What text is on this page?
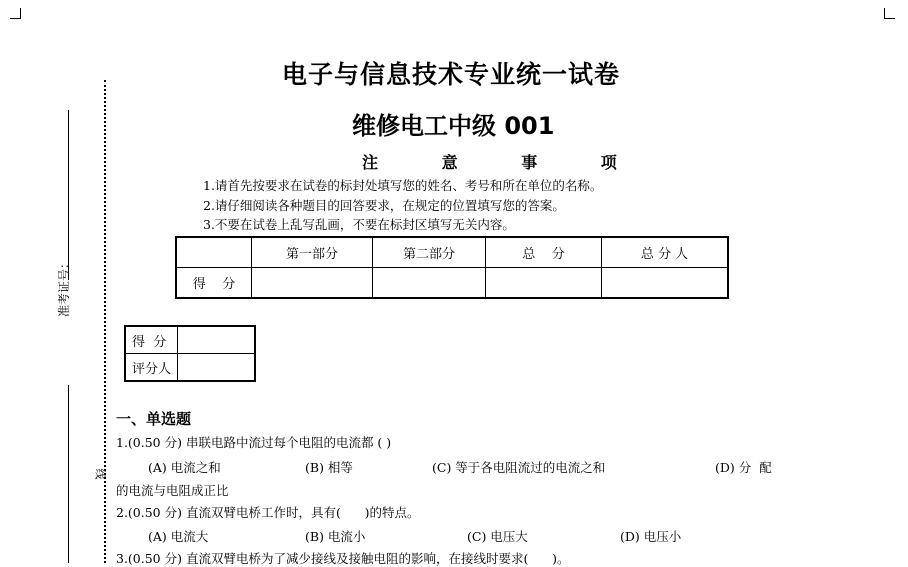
准考证号：
线
电子与信息技术专业统一试卷
维修电工中级 001
注	意	事	项
1.请首先按要求在试卷的标封处填写您的姓名、考号和所在单位的名称。
2.请仔细阅读各种题目的回答要求，在规定的位置填写您的答案。
3.不要在试卷上乱写乱画，不要在标封区填写无关内容。
	第一部分	第二部分	总    分	总 分 人
得    分				
得  分	
评分人	
一、单选题
1.(0.50 分) 串联电路中流过每个电阻的电流都 ( )
(A) 电流之和	(B) 相等	(C) 等于各电阻流过的电流之和	(D) 分  配
的电流与电阻成正比
2.(0.50 分) 直流双臂电桥工作时，具有(      )的特点。
(A) 电流大	(B) 电流小	(C) 电压大	(D) 电压小
3.(0.50 分) 直流双臂电桥为了减少接线及接触电阻的影响，在接线时要求(      )。
